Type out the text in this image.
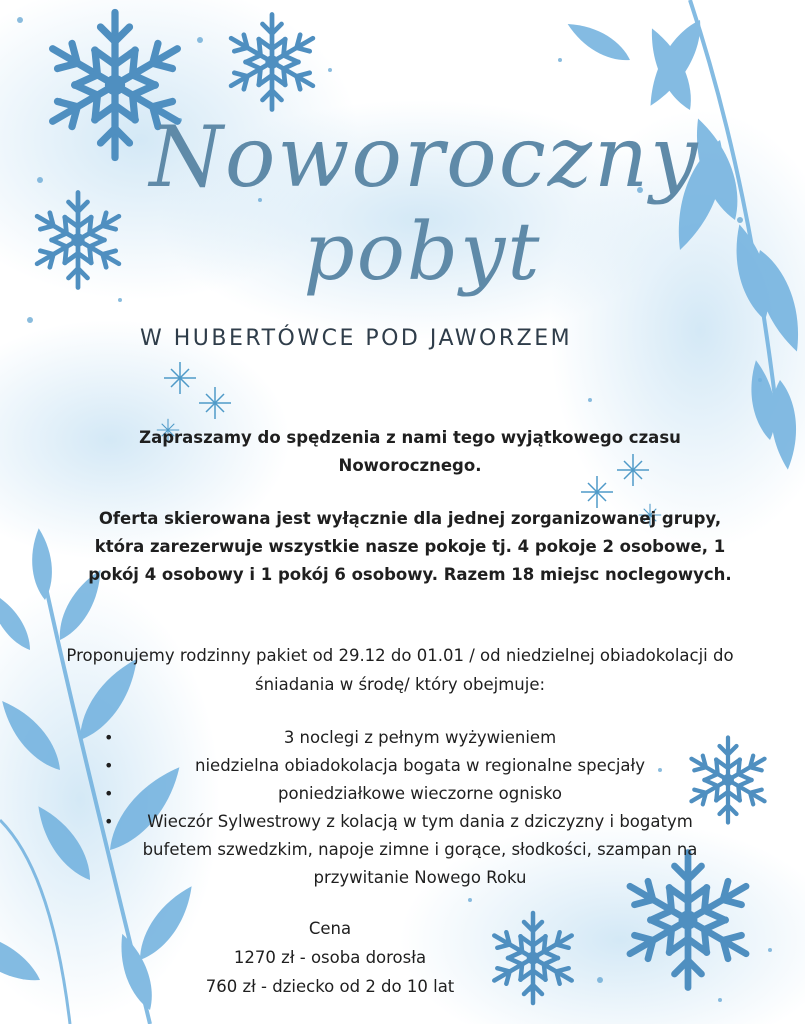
Noworoczny
pobyt
W HUBERTÓWCE POD JAWORZEM
Zapraszamy do spędzenia z nami tego wyjątkowego czasu Noworocznego.
Oferta skierowana jest wyłącznie dla jednej zorganizowanej grupy, która zarezerwuje wszystkie nasze pokoje tj. 4 pokoje 2 osobowe, 1 pokój 4 osobowy i 1 pokój 6 osobowy. Razem 18 miejsc noclegowych.
Proponujemy rodzinny pakiet od 29.12 do 01.01 / od niedzielnej obiadokolacji do śniadania w środę/ który obejmuje:
• 3 noclegi z pełnym wyżywieniem
• niedzielna obiadokolacja bogata w regionalne specjały
• poniedziałkowe wieczorne ognisko
• Wieczór Sylwestrowy z kolacją w tym dania z dziczyzny i bogatym bufetem szwedzkim, napoje zimne i gorące, słodkości, szampan na przywitanie Nowego Roku
Cena
1270 zł - osoba dorosła
760 zł - dziecko od 2 do 10 lat
